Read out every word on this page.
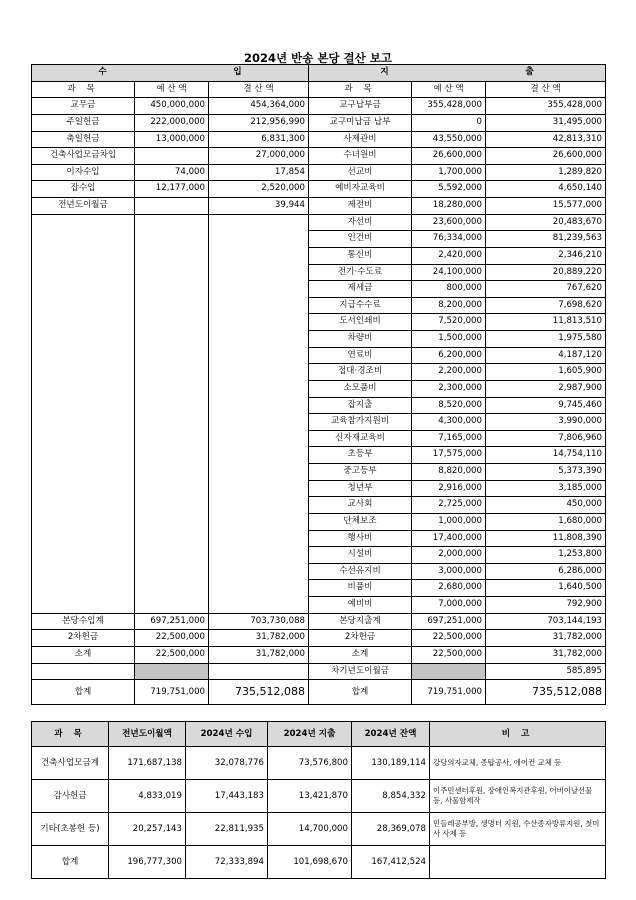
2024년 반송 본당 결산 보고
수 입			지 출		

과 목	예 산 액	결 산 액	과 목	예 산 액	결 산 액
교무금	450,000,000	454,364,000	교구납부금	355,428,000	355,428,000
주일헌금	222,000,000	212,956,990	교구미납금 납부	0	31,495,000
축일헌금	13,000,000	6,831,300	사제관비	43,550,000	42,813,310
건축사업모금차입		27,000,000	수녀원비	26,600,000	26,600,000
이자수입	74,000	17,854	선교비	1,700,000	1,289,820
잡수입	12,177,000	2,520,000	예비자교육비	5,592,000	4,650,140
전년도이월금		39,944	제전비	18,280,000	15,577,000
			자선비	23,600,000	20,483,670
			인건비	76,334,000	81,239,563
			통신비	2,420,000	2,346,210
			전기·수도료	24,100,000	20,889,220
			제세금	800,000	767,620
			지급수수료	8,200,000	7,698,620
			도서인쇄비	7,520,000	11,813,510
			차량비	1,500,000	1,975,580
			연료비	6,200,000	4,187,120
			접대·경조비	2,200,000	1,605,900
			소모품비	2,300,000	2,987,900
			잡지출	8,520,000	9,745,460
			교육참가지원비	4,300,000	3,990,000
			신자재교육비	7,165,000	7,806,960
			초등부	17,575,000	14,754,110
			중고등부	8,820,000	5,373,390
			청년부	2,916,000	3,185,000
			교사회	2,725,000	450,000
			단체보조	1,000,000	1,680,000
			행사비	17,400,000	11,808,390
			시설비	2,000,000	1,253,800
			수선유지비	3,000,000	6,286,000
			비품비	2,680,000	1,640,500
			예비비	7,000,000	792,900
본당수입계	697,251,000	703,730,088	본당지출계	697,251,000	703,144,193
2차헌금	22,500,000	31,782,000	2차헌금	22,500,000	31,782,000
소계	22,500,000	31,782,000	소계	22,500,000	31,782,000
			차기년도이월금		585,895
합계	719,751,000	735,512,088	합계	719,751,000	735,512,088
과 목	전년도이월액	2024년 수입	2024년 지출	2024년 잔액	비 고
건축사업모금계	171,687,138	32,078,776	73,576,800	130,189,114	강당의자교체, 종탑공사, 에어컨 교체 등
감사헌금	4,833,019	17,443,183	13,421,870	8,854,332	이주민센터후원, 장애인복지관후원, 어버이날선물 등, 사물함제작
기타(초봉헌 등)	20,257,143	22,811,935	14,700,000	28,369,078	민들레공부방, 생명터 지원, 수산종자방류지원, 첫미사 사제 등
합계	196,777,300	72,333,894	101,698,670	167,412,524	
